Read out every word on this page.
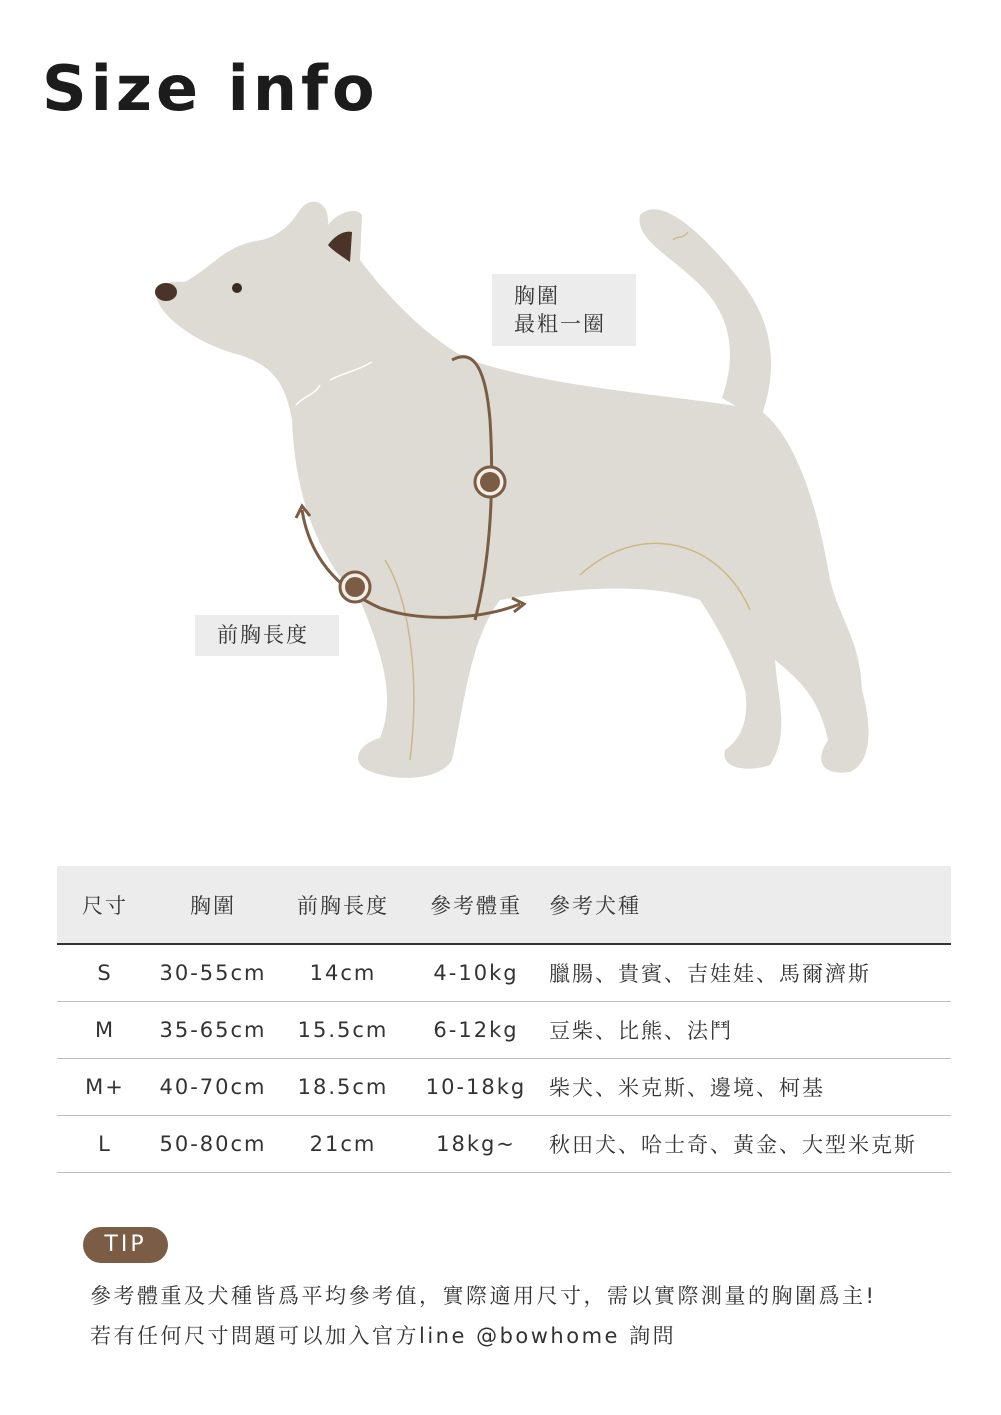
Size info
胸圍
最粗一圈
前胸長度
尺寸	胸圍	前胸長度	參考體重	參考犬種
S	30-55cm	14cm	4-10kg	臘腸、貴賓、吉娃娃、馬爾濟斯
M	35-65cm	15.5cm	6-12kg	豆柴、比熊、法鬥
M+	40-70cm	18.5cm	10-18kg	柴犬、米克斯、邊境、柯基
L	50-80cm	21cm	18kg~	秋田犬、哈士奇、黃金、大型米克斯
TIP
參考體重及犬種皆爲平均參考值，實際適用尺寸，需以實際測量的胸圍爲主!
若有任何尺寸問題可以加入官方line @bowhome 詢問
